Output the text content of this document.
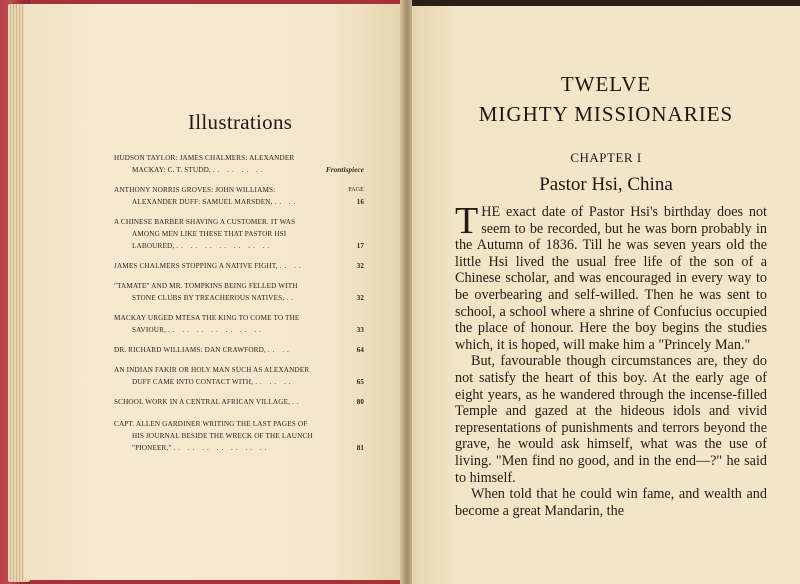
Illustrations
HUDSON TAYLOR: JAMES CHALMERS: ALEXANDER
MACKAY: C. T. STUDD, .. .. .. ..	Frontispiece
PAGE
ANTHONY NORRIS GROVES: JOHN WILLIAMS:
ALEXANDER DUFF: SAMUEL MARSDEN, .. ..	16
A CHINESE BARBER SHAVING A CUSTOMER. IT WAS
AMONG MEN LIKE THESE THAT PASTOR HSI
LABOURED, .. .. .. .. .. .. ..	17
JAMES CHALMERS STOPPING A NATIVE FIGHT, .. ..	32
"TAMATE" AND MR. TOMPKINS BEING FELLED WITH
STONE CLUBS BY TREACHEROUS NATIVES, ..	32
MACKAY URGED MTESA THE KING TO COME TO THE
SAVIOUR, .. .. .. .. .. .. ..	33
DR. RICHARD WILLIAMS: DAN CRAWFORD, .. ..	64
AN INDIAN FAKIR OR HOLY MAN SUCH AS ALEXANDER
DUFF CAME INTO CONTACT WITH, .. .. ..	65
SCHOOL WORK IN A CENTRAL AFRICAN VILLAGE, ..	80
CAPT. ALLEN GARDINER WRITING THE LAST PAGES OF
HIS JOURNAL BESIDE THE WRECK OF THE LAUNCH
"PIONEER," .. .. .. .. .. .. ..	81
TWELVE
MIGHTY MISSIONARIES
CHAPTER I
Pastor Hsi, China

THE exact date of Pastor Hsi's birthday does not seem to be recorded, but he was born probably in the Autumn of 1836. Till he was seven years old the little Hsi lived the usual free life of the son of a Chinese scholar, and was encouraged in every way to be overbearing and self-willed. Then he was sent to school, a school where a shrine of Confucius occupied the place of honour. Here the boy begins the studies which, it is hoped, will make him a "Princely Man."

But, favourable though circumstances are, they do not satisfy the heart of this boy. At the early age of eight years, as he wandered through the incense-filled Temple and gazed at the hideous idols and vivid representations of punishments and terrors beyond the grave, he would ask himself, what was the use of living. "Men find no good, and in the end—?" he said to himself.

When told that he could win fame, and wealth and become a great Mandarin, the
